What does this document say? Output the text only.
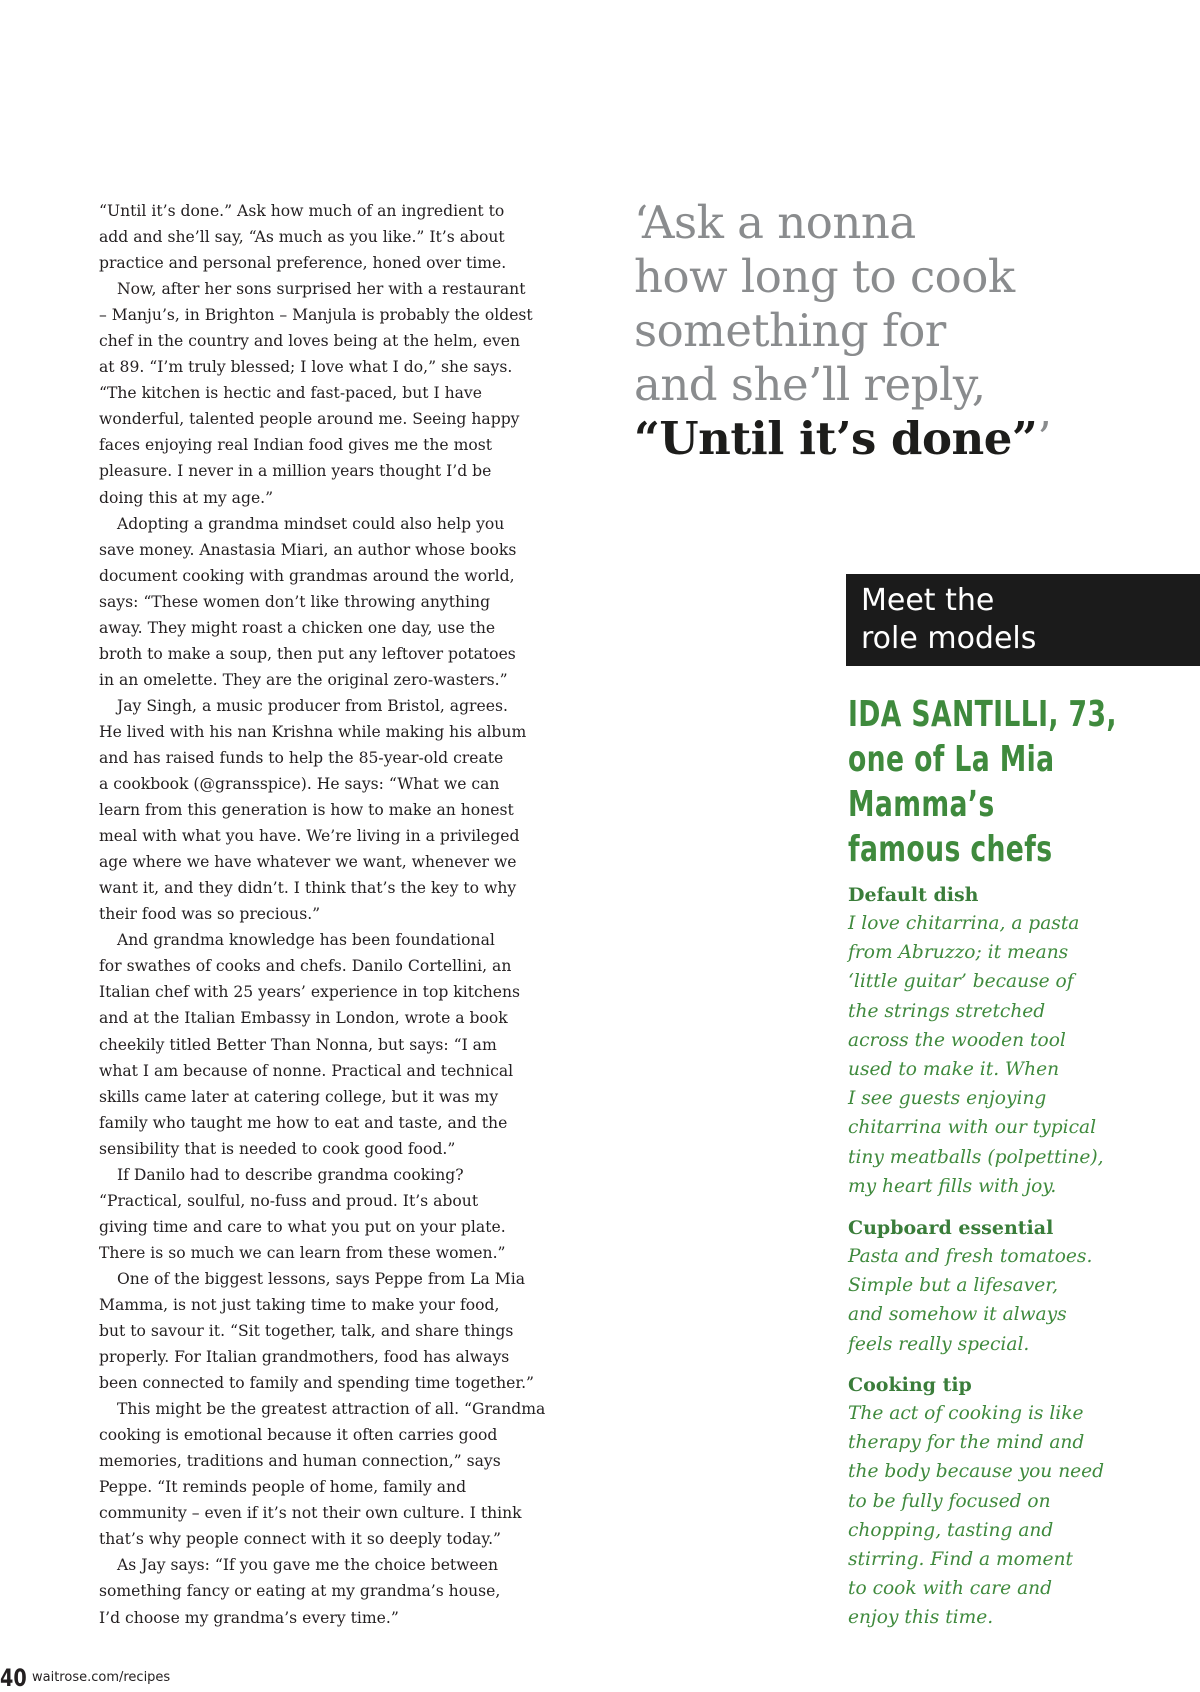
“Until it’s done.” Ask how much of an ingredient to
add and she’ll say, “As much as you like.” It’s about
practice and personal preference, honed over time.

Now, after her sons surprised her with a restaurant
– Manju’s, in Brighton – Manjula is probably the oldest
chef in the country and loves being at the helm, even
at 89. “I’m truly blessed; I love what I do,” she says.
“The kitchen is hectic and fast-paced, but I have
wonderful, talented people around me. Seeing happy
faces enjoying real Indian food gives me the most
pleasure. I never in a million years thought I’d be
doing this at my age.”

Adopting a grandma mindset could also help you
save money. Anastasia Miari, an author whose books
document cooking with grandmas around the world,
says: “These women don’t like throwing anything
away. They might roast a chicken one day, use the
broth to make a soup, then put any leftover potatoes
in an omelette. They are the original zero-wasters.”

Jay Singh, a music producer from Bristol, agrees.
He lived with his nan Krishna while making his album
and has raised funds to help the 85-year-old create
a cookbook (@gransspice). He says: “What we can
learn from this generation is how to make an honest
meal with what you have. We’re living in a privileged
age where we have whatever we want, whenever we
want it, and they didn’t. I think that’s the key to why
their food was so precious.”

And grandma knowledge has been foundational
for swathes of cooks and chefs. Danilo Cortellini, an
Italian chef with 25 years’ experience in top kitchens
and at the Italian Embassy in London, wrote a book
cheekily titled Better Than Nonna, but says: “I am
what I am because of nonne. Practical and technical
skills came later at catering college, but it was my
family who taught me how to eat and taste, and the
sensibility that is needed to cook good food.”

If Danilo had to describe grandma cooking?
“Practical, soulful, no-fuss and proud. It’s about
giving time and care to what you put on your plate.
There is so much we can learn from these women.”

One of the biggest lessons, says Peppe from La Mia
Mamma, is not just taking time to make your food,
but to savour it. “Sit together, talk, and share things
properly. For Italian grandmothers, food has always
been connected to family and spending time together.”

This might be the greatest attraction of all. “Grandma
cooking is emotional because it often carries good
memories, traditions and human connection,” says
Peppe. “It reminds people of home, family and
community – even if it’s not their own culture. I think
that’s why people connect with it so deeply today.”

As Jay says: “If you gave me the choice between
something fancy or eating at my grandma’s house,
I’d choose my grandma’s every time.”

‘Ask a nonna
how long to cook
something for
and she’ll reply,
“Until it’s done”’
Meet the
role models
IDA SANTILLI, 73,
one of La Mia
Mamma’s
famous chefs
Default dish
I love chitarrina, a pasta
from Abruzzo; it means
‘little guitar’ because of
the strings stretched
across the wooden tool
used to make it. When
I see guests enjoying
chitarrina with our typical
tiny meatballs (polpettine),
my heart fills with joy.
Cupboard essential
Pasta and fresh tomatoes.
Simple but a lifesaver,
and somehow it always
feels really special.
Cooking tip
The act of cooking is like
therapy for the mind and
the body because you need
to be fully focused on
chopping, tasting and
stirring. Find a moment
to cook with care and
enjoy this time.
40 waitrose.com/recipes
